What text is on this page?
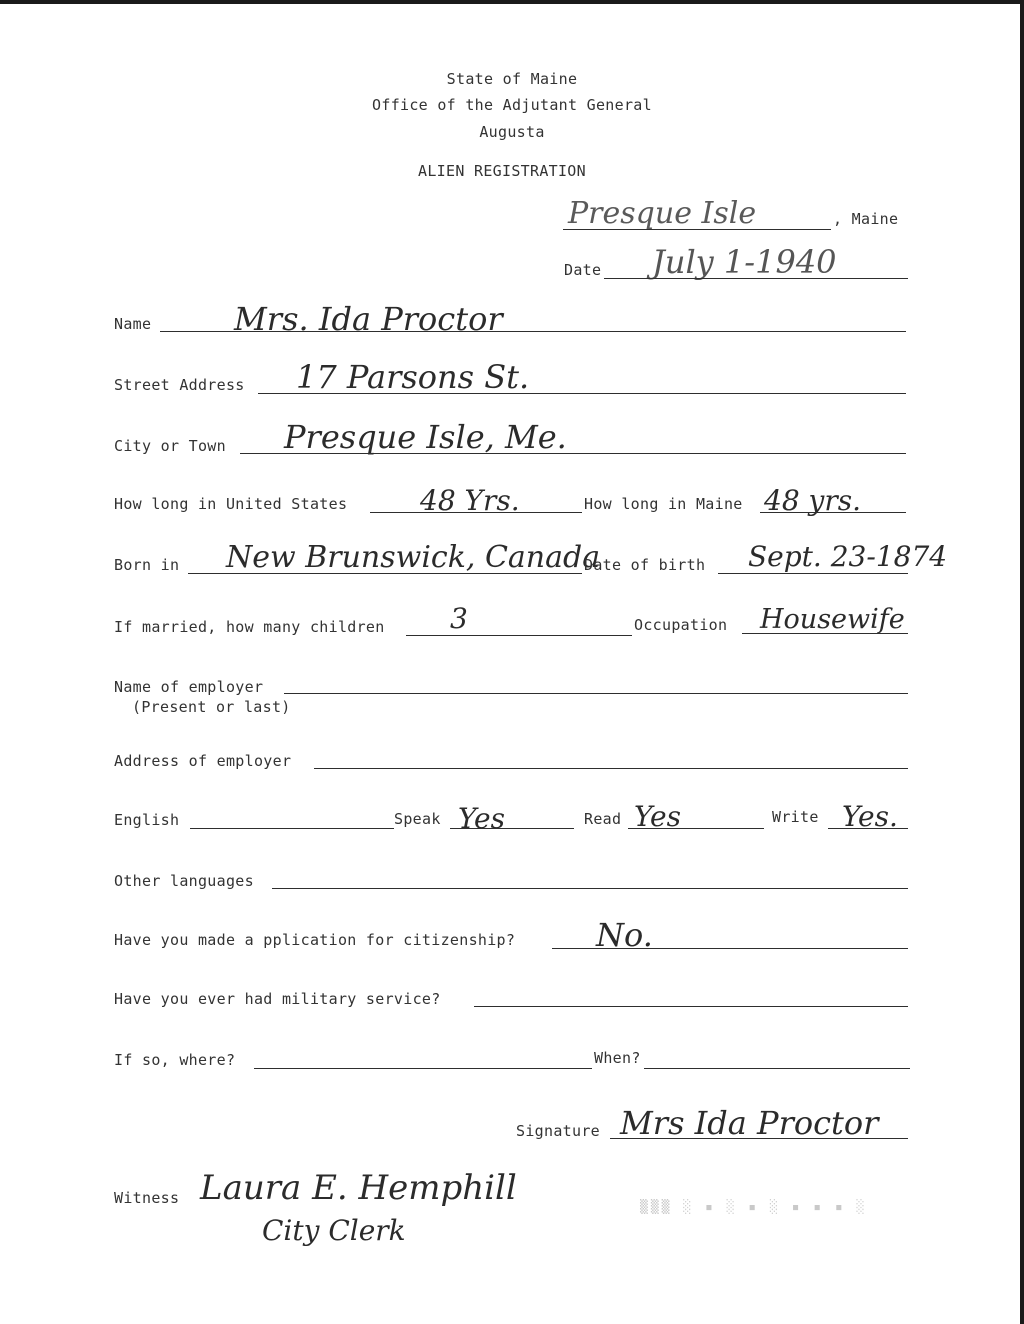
State of Maine
Office of the Adjutant General
Augusta
ALIEN REGISTRATION
Presque Isle	, Maine
Date July 1-1940
Name	Mrs. Ida Proctor
Street Address 17 Parsons St.
City or Town Presque Isle, Me.
How long in United States	48 Yrs.	How long in Maine 48 yrs.
Born in New Brunswick, Canada
Date of birth Sept. 23-1874
If married, how many children 3	Occupation Housewife
Name of employer
(Present or last)
Address of employer
English	Speak Yes	Read Yes	Write Yes.
Other languages
Have you made a pplication for citizenship?	No.
Have you ever had military service?
If so, where?	When?
Signature Mrs Ida Proctor
Witness Laura E. Hemphill
City Clerk
▒▒▒ ░ ▪ ░ ▪ ░ ▪ ▪ ▪ ░
